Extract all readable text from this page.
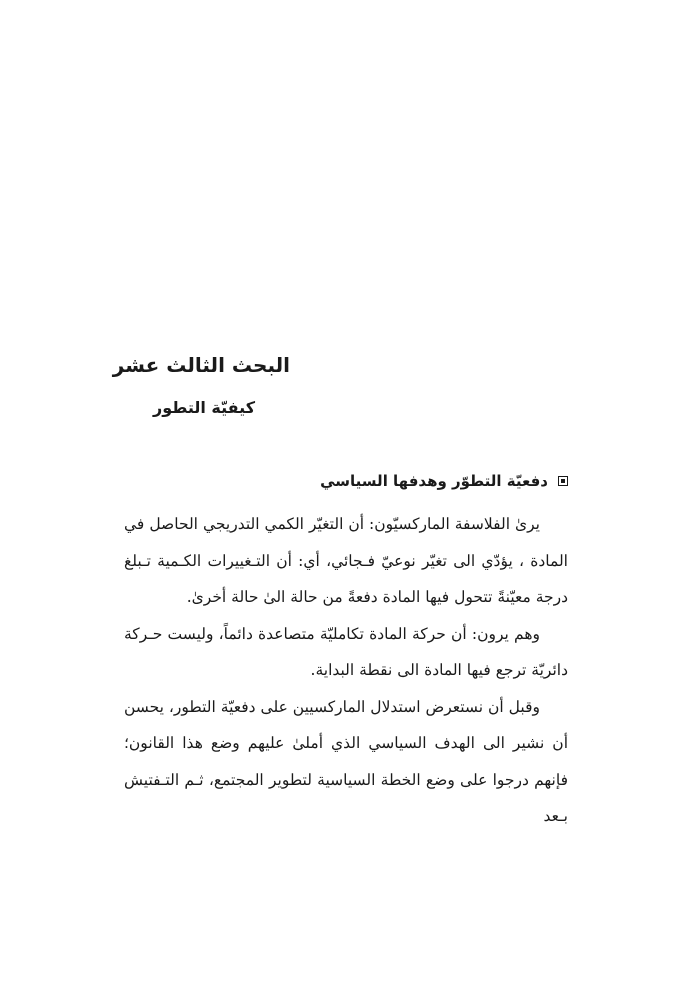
البحث الثالث عشر
كيفيّة التطور
دفعيّة التطوّر وهدفها السياسي

يرىٰ الفلاسفة الماركسيّون: أن التغيّر الكمي التدريجي الحاصل في المادة ، يؤدّي الى تغيّر نوعيّ فـجائي، أي: أن التـغييرات الكـمية تـبلغ درجة معيّنةً تتحول فيها المادة دفعةً من حالة الىٰ حالة أخرىٰ.

وهم يرون: أن حركة المادة تكامليّة متصاعدة دائماً، وليست حـركة دائريّة ترجع فيها المادة الى نقطة البداية.

وقبل أن نستعرض استدلال الماركسيين على دفعيّة التطور، يحسن أن نشير الى الهدف السياسي الذي أملىٰ عليهم وضع هذا القانون؛ فإنهم درجوا على وضع الخطة السياسية لتطوير المجتمع، ثـم التـفتيش بـعد
